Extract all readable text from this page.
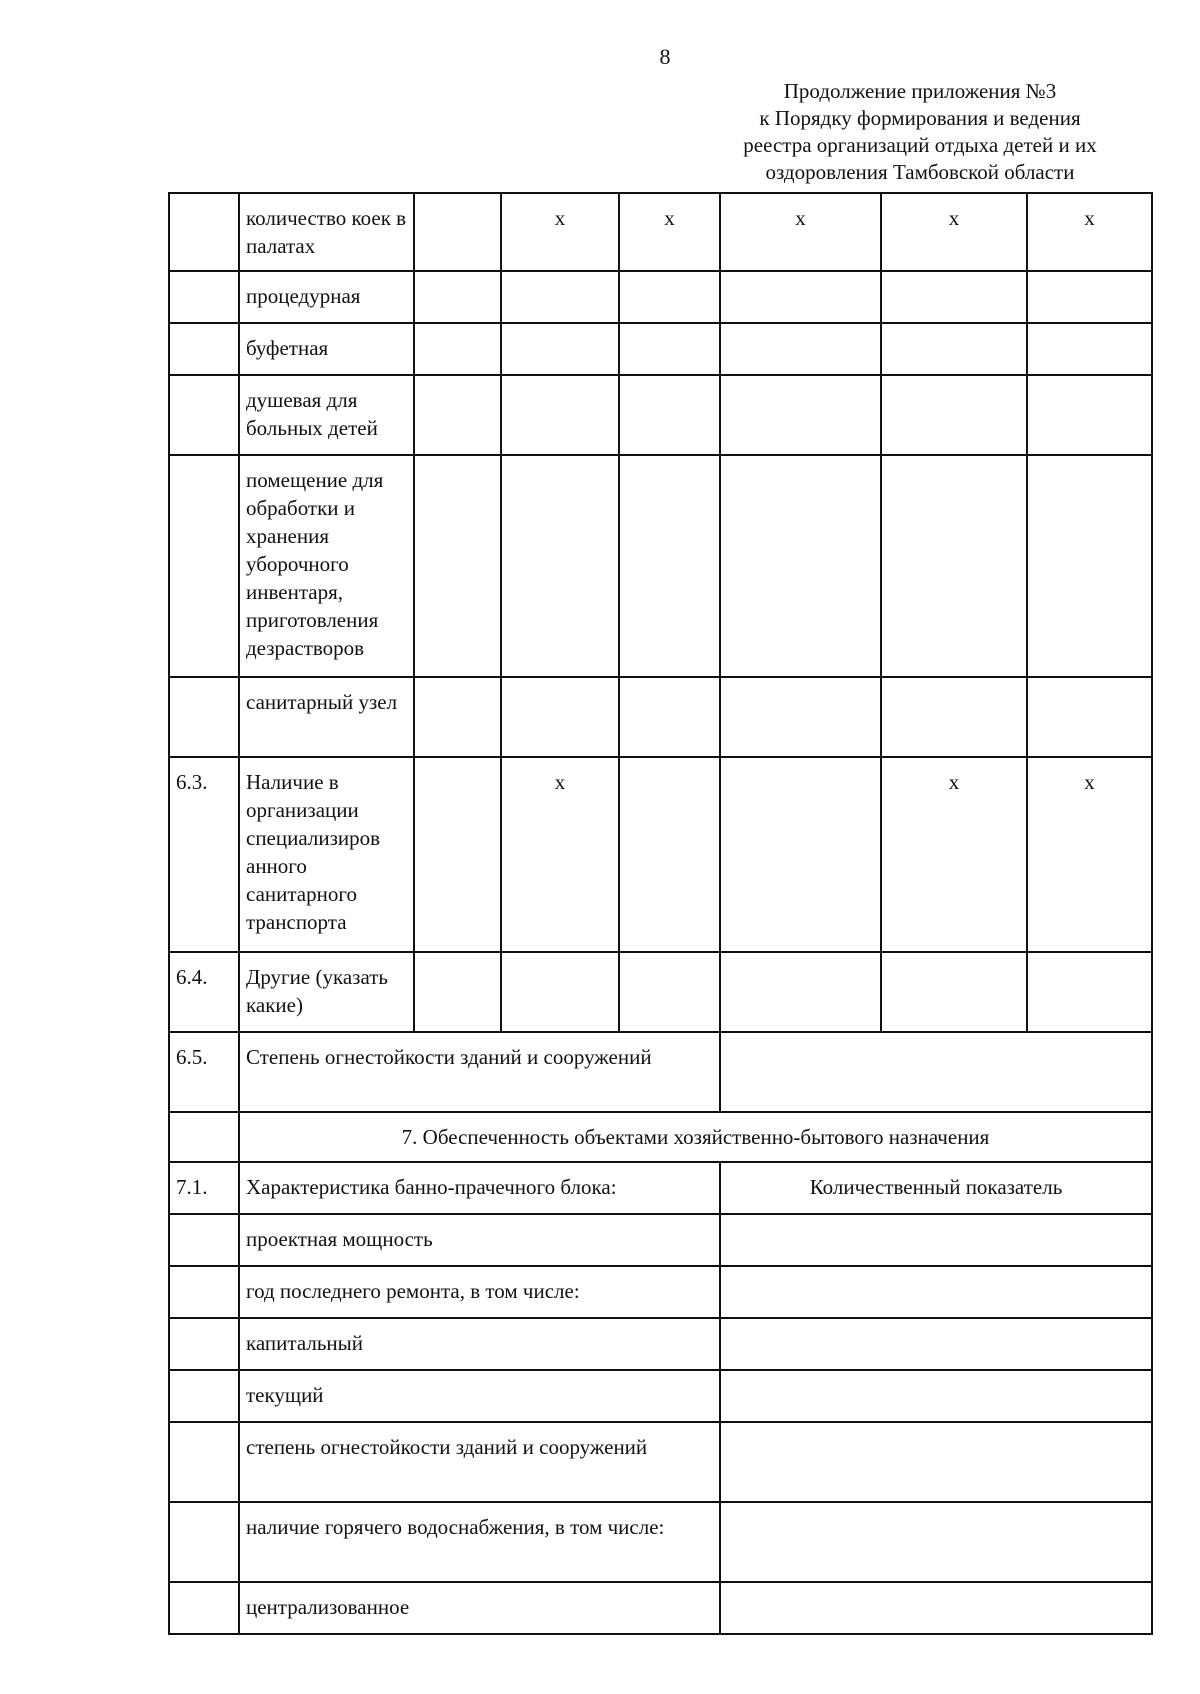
8
Продолжение приложения №3
к Порядку формирования и ведения
реестра организаций отдыха детей и их
оздоровления Тамбовской области
	количество коек в палатах		х	х	х	х	х
	процедурная						
	буфетная						
	душевая для больных детей						
	помещение для обработки и хранения уборочного инвентаря, приготовления дезрастворов						
	санитарный узел						
6.3.	Наличие в организации специализиров анного санитарного транспорта		х			х	х
6.4.	Другие (указать какие)						
6.5.	Степень огнестойкости зданий и сооружений						
	7. Обеспеченность объектами хозяйственно-бытового назначения						
7.1.	Характеристика банно-прачечного блока:				Количественный показатель		
	проектная мощность						
	год последнего ремонта, в том числе:						
	капитальный						
	текущий						
	степень огнестойкости зданий и сооружений						
	наличие горячего водоснабжения, в том числе:						
	централизованное						
